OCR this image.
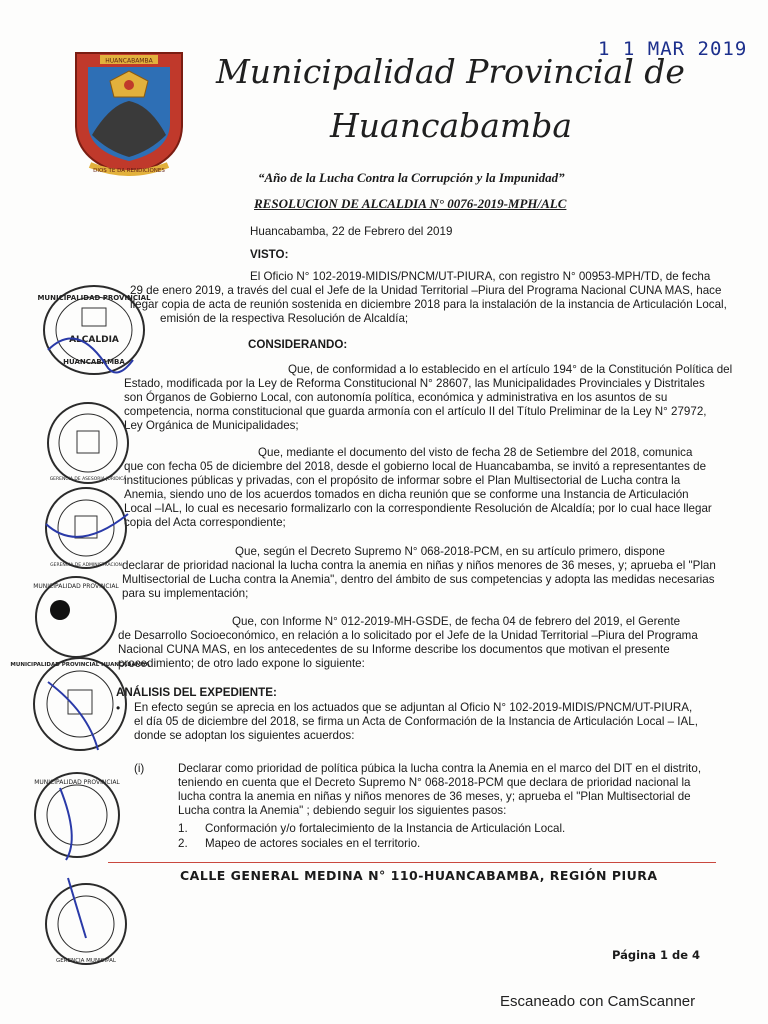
1 1 MAR 2019
HUANCABAMBA
DIOS TE DA RENDICIONES
Municipalidad Provincial de
Huancabamba
“Año de la Lucha Contra la Corrupción y la Impunidad”
RESOLUCION DE ALCALDIA N° 0076-2019-MPH/ALC
Huancabamba, 22 de Febrero del 2019
VISTO:
El Oficio N° 102-2019-MIDIS/PNCM/UT-PIURA, con registro N° 00953-MPH/TD, de fecha
29 de enero 2019, a través del cual el Jefe de la Unidad Territorial –Piura del Programa Nacional CUNA MAS, hace
llegar copia de acta de reunión sostenida en diciembre 2018 para la instalación de la instancia de Articulación Local,
emisión de la respectiva Resolución de Alcaldía;
CONSIDERANDO:
Que, de conformidad a lo establecido en el artículo 194° de la Constitución Política del
Estado, modificada por la Ley de Reforma Constitucional N° 28607, las Municipalidades Provinciales y Distritales
son Órganos de Gobierno Local, con autonomía política, económica y administrativa en los asuntos de su
competencia, norma constitucional que guarda armonía con el artículo II del Título Preliminar de la Ley N° 27972,
Ley Orgánica de Municipalidades;
Que, mediante el documento del visto de fecha 28 de Setiembre del 2018, comunica
que con fecha 05 de diciembre del 2018, desde el gobierno local de Huancabamba, se invitó a representantes de
instituciones públicas y privadas, con el propósito de informar sobre el Plan Multisectorial de Lucha contra la
Anemia, siendo uno de los acuerdos tomados en dicha reunión que se conforme una Instancia de Articulación
Local –IAL, lo cual es necesario formalizarlo con la correspondiente Resolución de Alcaldía; por lo cual hace llegar
copia del Acta correspondiente;
Que, según el Decreto Supremo N° 068-2018-PCM, en su artículo primero, dispone
declarar de prioridad nacional la lucha contra la anemia en niñas y niños menores de 36 meses, y; aprueba el "Plan
Multisectorial de Lucha contra la Anemia", dentro del ámbito de sus competencias y adopta las medidas necesarias
para su implementación;
Que, con Informe N° 012-2019-MH-GSDE, de fecha 04 de febrero del 2019, el Gerente
de Desarrollo Socioeconómico, en relación a lo solicitado por el Jefe de la Unidad Territorial –Piura del Programa
Nacional CUNA MAS, en los antecedentes de su Informe describe los documentos que motivan el presente
procedimiento; de otro lado expone lo siguiente:
ANÁLISIS DEL EXPEDIENTE:
• En efecto según se aprecia en los actuados que se adjuntan al Oficio N° 102-2019-MIDIS/PNCM/UT-PIURA,
el día 05 de diciembre del 2018, se firma un Acta de Conformación de la Instancia de Articulación Local – IAL,
donde se adoptan los siguientes acuerdos:
(i)	Declarar como prioridad de política púbica la lucha contra la Anemia en el marco del DIT en el distrito,
teniendo en cuenta que el Decreto Supremo N° 068-2018-PCM que declara de prioridad nacional la
lucha contra la anemia en niñas y niños menores de 36 meses, y; aprueba el "Plan Multisectorial de
Lucha contra la Anemia" ; debiendo seguir los siguientes pasos:
1. Conformación y/o fortalecimiento de la Instancia de Articulación Local.
2. Mapeo de actores sociales en el territorio.
MUNICIPALIDAD PROVINCIAL
ALCALDIA
HUANCABAMBA
GERENCIA DE ASESORIA JURIDICA
GERENCIA DE ADMINISTRACION
MUNICIPALIDAD PROVINCIAL
MUNICIPALIDAD PROVINCIAL HUANCABAMBA
MUNICIPALIDAD PROVINCIAL
GERENCIA MUNICIPAL
CALLE GENERAL MEDINA N° 110-HUANCABAMBA, REGIÓN PIURA
Página 1 de 4
Escaneado con CamScanner
